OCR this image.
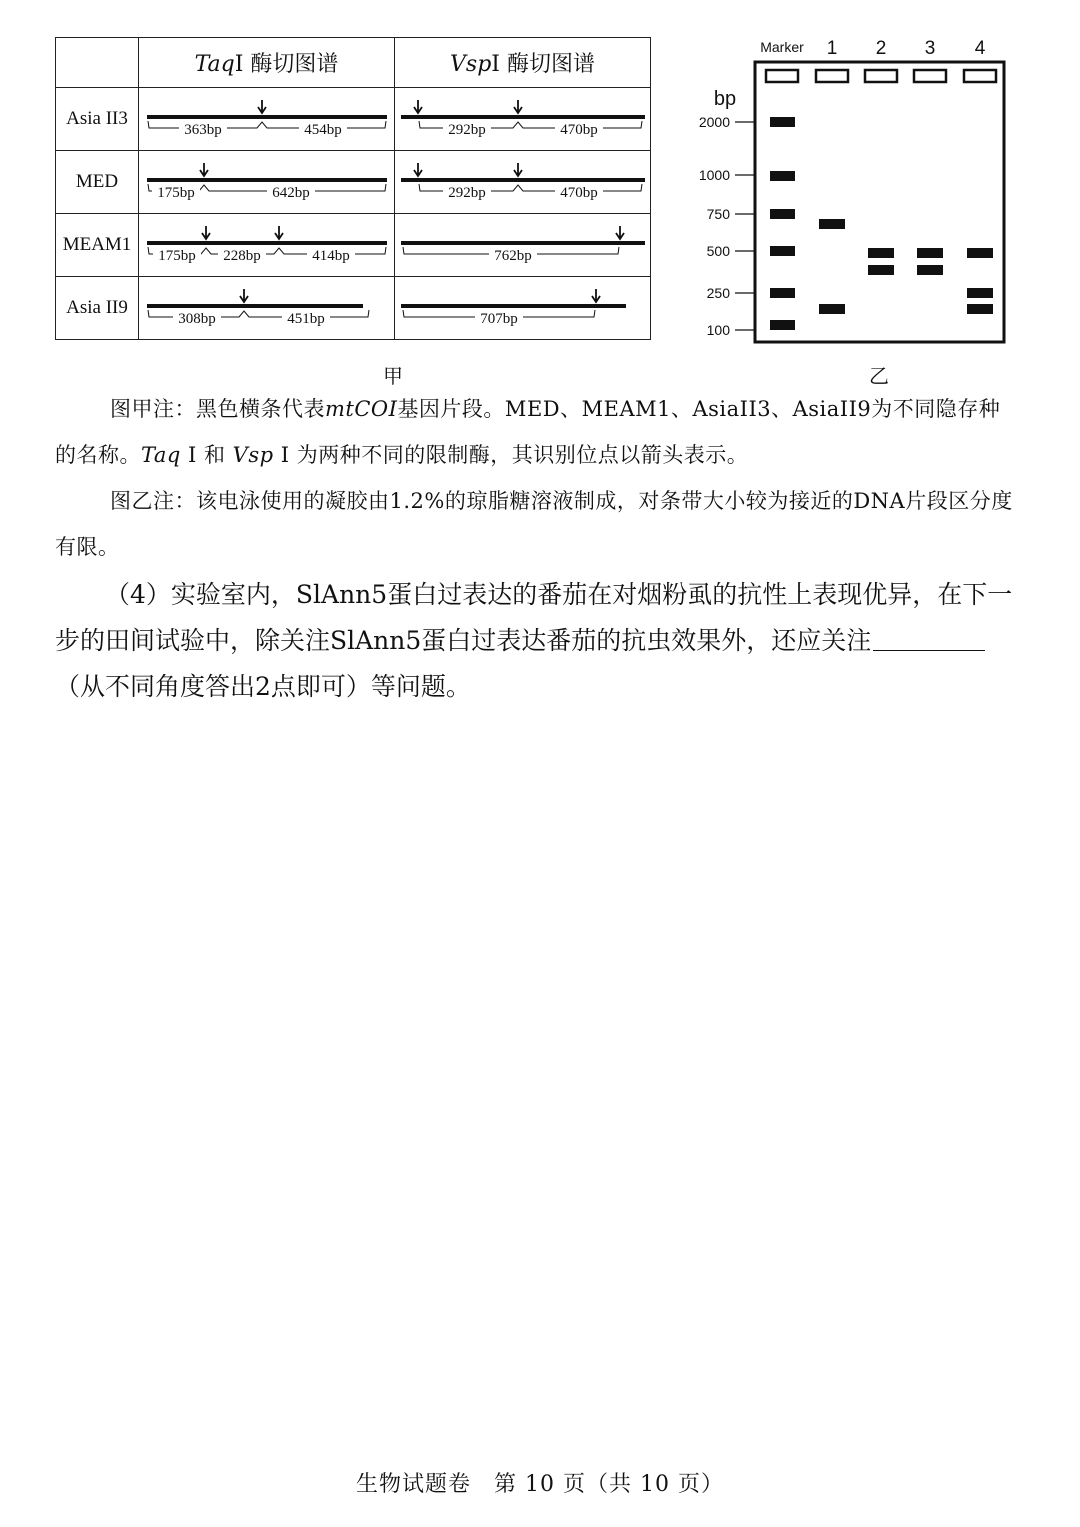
	TaqI 酶切图谱	VspI 酶切图谱
Asia II3	363bp 454bp	292bp 470bp

MED	175bp 642bp	292bp 470bp

MEAM1	175bp 228bp 414bp	762bp

Asia II9	308bp 451bp	707bp
Marker 1 2 3 4
bp
2000
1000
750
500
250
100
甲	乙
图甲注：黑色横条代表mtCOI基因片段。MED、MEAM1、AsiaII3、AsiaII9为不同隐存种的名称。Taq Ⅰ 和 Vsp Ⅰ 为两种不同的限制酶，其识别位点以箭头表示。
图乙注：该电泳使用的凝胶由1.2%的琼脂糖溶液制成，对条带大小较为接近的DNA片段区分度有限。
（4）实验室内，SlAnn5蛋白过表达的番茄在对烟粉虱的抗性上表现优异，在下一步的田间试验中，除关注SlAnn5蛋白过表达番茄的抗虫效果外，还应关注（从不同角度答出2点即可）等问题。
生物试题卷　第 10 页（共 10 页）
